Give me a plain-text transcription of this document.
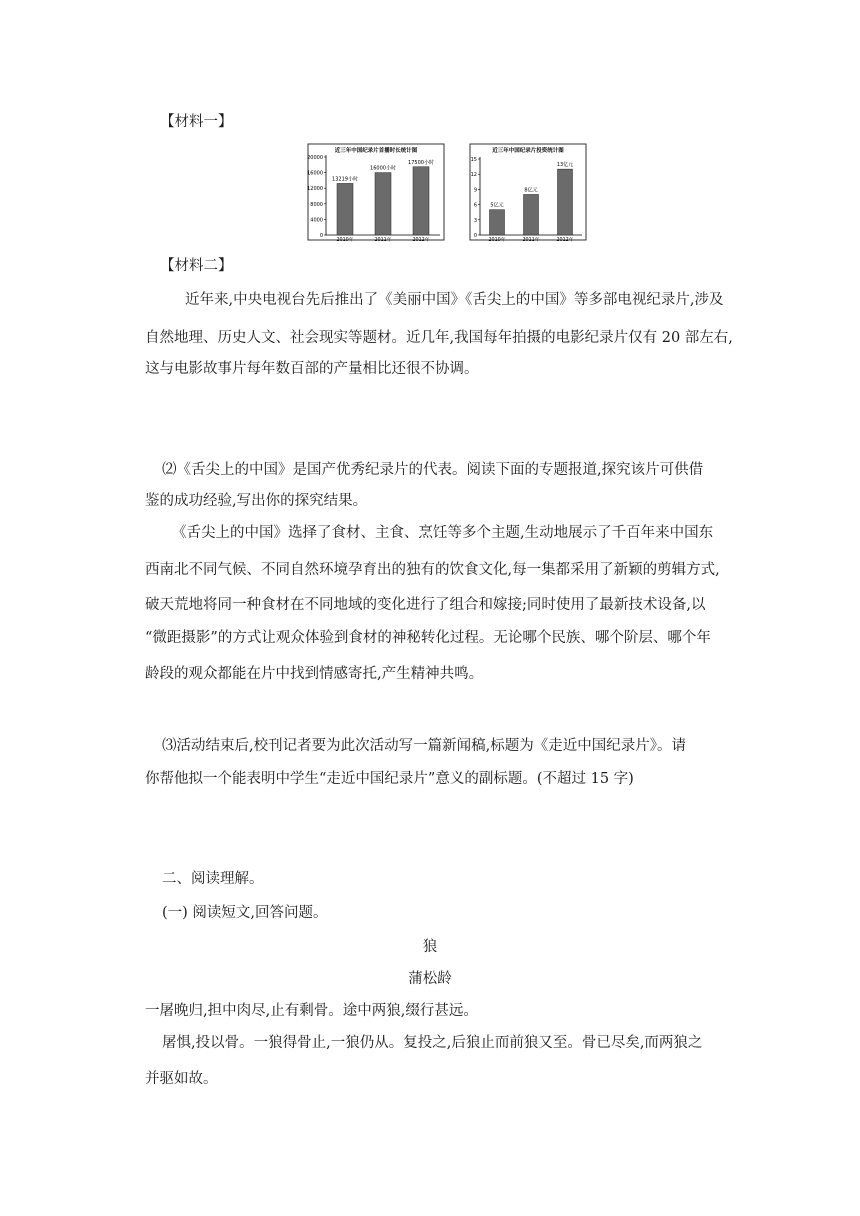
【材料一】
近三年中国纪录片首播时长统计图
20000
16000
12000
8000
4000
0
13219小时
2010年
16000小时
2011年
17500小时
2012年
近三年中国纪录片投资统计图
15
12
9
6
3
0
5亿元
2010年
8亿元
2011年
13亿元
2012年
【材料二】
近年来,中央电视台先后推出了《美丽中国》《舌尖上的中国》等多部电视纪录片,涉及
自然地理、历史人文、社会现实等题材。近几年,我国每年拍摄的电影纪录片仅有 20 部左右,
这与电影故事片每年数百部的产量相比还很不协调。
⑵《舌尖上的中国》是国产优秀纪录片的代表。阅读下面的专题报道,探究该片可供借
鉴的成功经验,写出你的探究结果。
《舌尖上的中国》选择了食材、主食、烹饪等多个主题,生动地展示了千百年来中国东
西南北不同气候、不同自然环境孕育出的独有的饮食文化,每一集都采用了新颖的剪辑方式,
破天荒地将同一种食材在不同地域的变化进行了组合和嫁接;同时使用了最新技术设备,以
“微距摄影”的方式让观众体验到食材的神秘转化过程。无论哪个民族、哪个阶层、哪个年
龄段的观众都能在片中找到情感寄托,产生精神共鸣。
⑶活动结束后,校刊记者要为此次活动写一篇新闻稿,标题为《走近中国纪录片》。请
你帮他拟一个能表明中学生“走近中国纪录片”意义的副标题。(不超过 15 字)
二、阅读理解。
(一) 阅读短文,回答问题。
狼
蒲松龄
一屠晚归,担中肉尽,止有剩骨。途中两狼,缀行甚远。
屠惧,投以骨。一狼得骨止,一狼仍从。复投之,后狼止而前狼又至。骨已尽矣,而两狼之
并驱如故。
